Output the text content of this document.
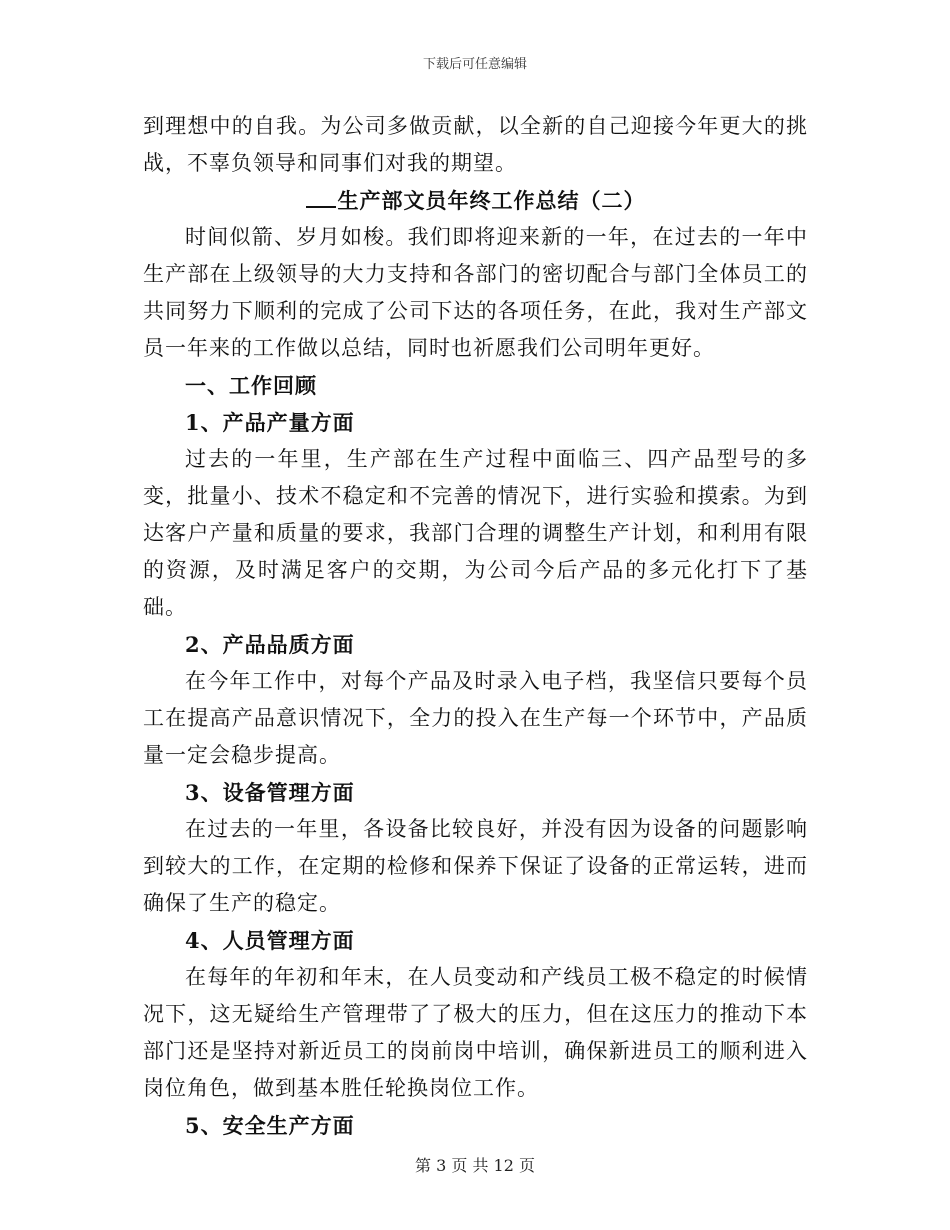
下载后可任意编辑

到理想中的自我。为公司多做贡献，以全新的自己迎接今年更大的挑战，不辜负领导和同事们对我的期望。

生产部文员年终工作总结（二）

时间似箭、岁月如梭。我们即将迎来新的一年，在过去的一年中生产部在上级领导的大力支持和各部门的密切配合与部门全体员工的共同努力下顺利的完成了公司下达的各项任务，在此，我对生产部文员一年来的工作做以总结，同时也祈愿我们公司明年更好。

一、工作回顾

1、产品产量方面

过去的一年里，生产部在生产过程中面临三、四产品型号的多变，批量小、技术不稳定和不完善的情况下，进行实验和摸索。为到达客户产量和质量的要求，我部门合理的调整生产计划，和利用有限的资源，及时满足客户的交期，为公司今后产品的多元化打下了基础。

2、产品品质方面

在今年工作中，对每个产品及时录入电子档，我坚信只要每个员工在提高产品意识情况下，全力的投入在生产每一个环节中，产品质量一定会稳步提高。

3、设备管理方面

在过去的一年里，各设备比较良好，并没有因为设备的问题影响到较大的工作，在定期的检修和保养下保证了设备的正常运转，进而确保了生产的稳定。

4、人员管理方面

在每年的年初和年末，在人员变动和产线员工极不稳定的时候情况下，这无疑给生产管理带了了极大的压力，但在这压力的推动下本部门还是坚持对新近员工的岗前岗中培训，确保新进员工的顺利进入岗位角色，做到基本胜任轮换岗位工作。

5、安全生产方面

第 3 页 共 12 页
